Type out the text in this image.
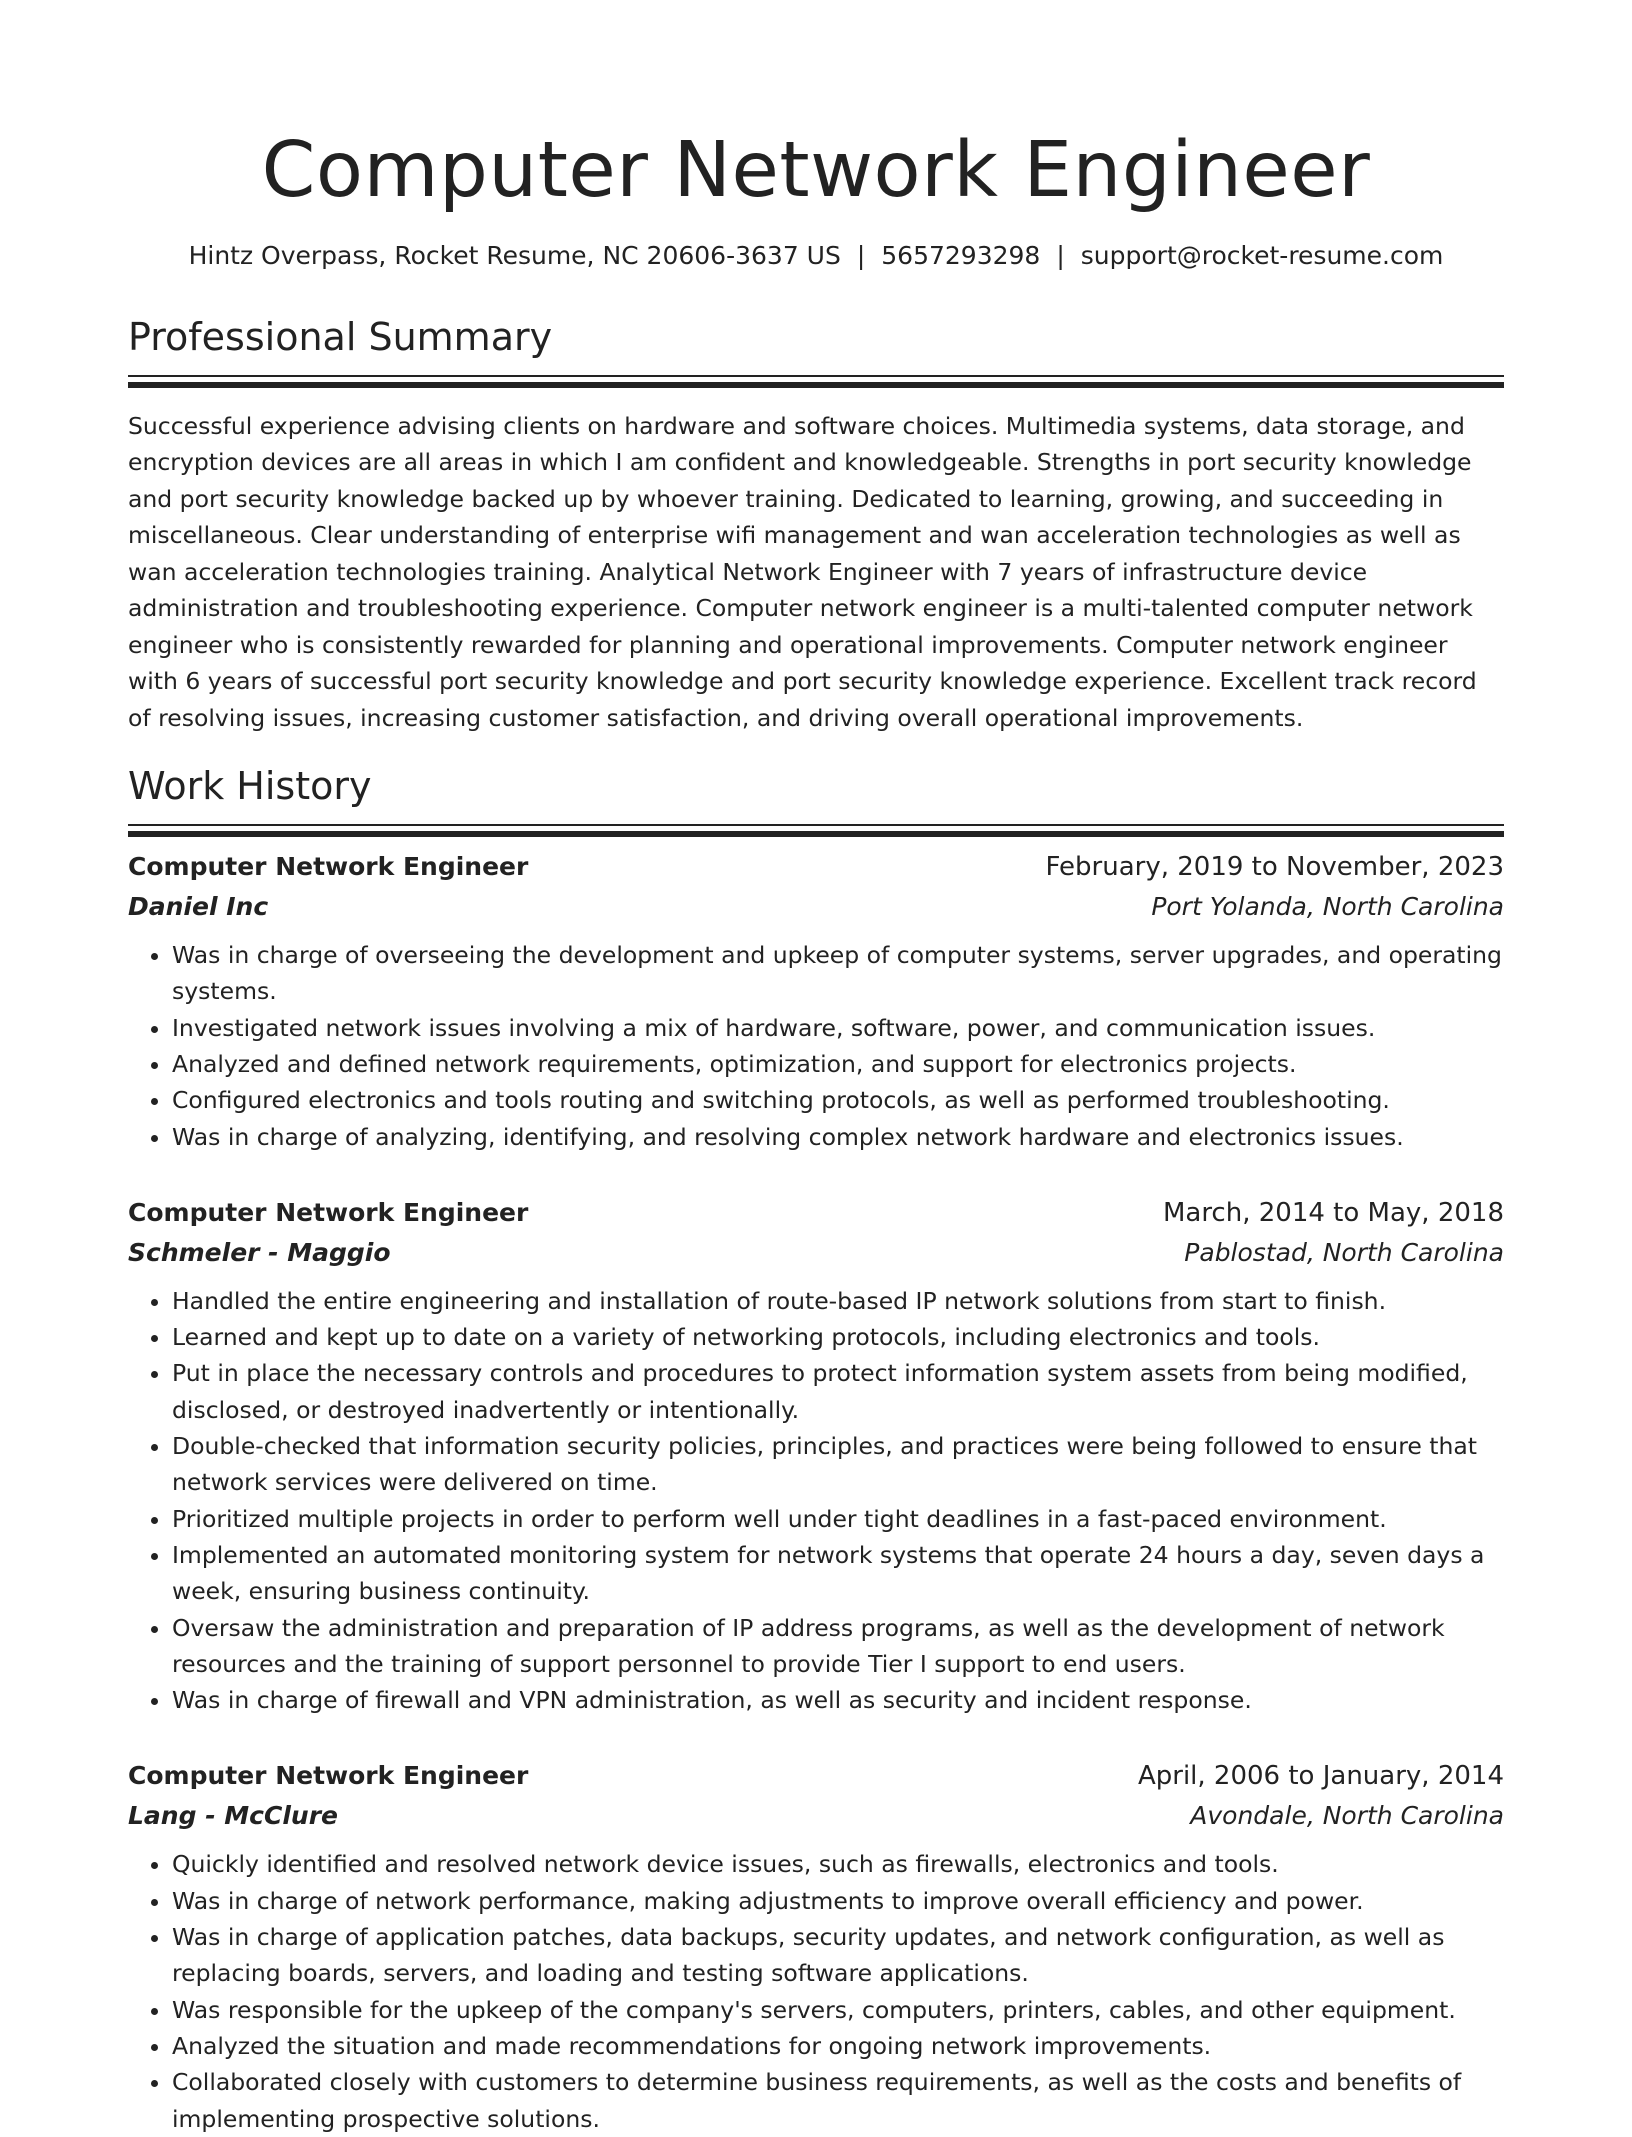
Computer Network Engineer
Hintz Overpass, Rocket Resume, NC 20606-3637 US | 5657293298 | support@rocket-resume.com
Professional Summary

Successful experience advising clients on hardware and software choices. Multimedia systems, data storage, and encryption devices are all areas in which I am confident and knowledgeable. Strengths in port security knowledge and port security knowledge backed up by whoever training. Dedicated to learning, growing, and succeeding in miscellaneous. Clear understanding of enterprise wifi management and wan acceleration technologies as well as wan acceleration technologies training. Analytical Network Engineer with 7 years of infrastructure device administration and troubleshooting experience. Computer network engineer is a multi-talented computer network engineer who is consistently rewarded for planning and operational improvements. Computer network engineer with 6 years of successful port security knowledge and port security knowledge experience. Excellent track record of resolving issues, increasing customer satisfaction, and driving overall operational improvements.

Work History
Computer Network Engineer	February, 2019 to November, 2023
Daniel Inc	Port Yolanda, North Carolina
• Was in charge of overseeing the development and upkeep of computer systems, server upgrades, and operating systems.
• Investigated network issues involving a mix of hardware, software, power, and communication issues.
• Analyzed and defined network requirements, optimization, and support for electronics projects.
• Configured electronics and tools routing and switching protocols, as well as performed troubleshooting.
• Was in charge of analyzing, identifying, and resolving complex network hardware and electronics issues.
Computer Network Engineer	March, 2014 to May, 2018
Schmeler - Maggio	Pablostad, North Carolina
• Handled the entire engineering and installation of route-based IP network solutions from start to finish.
• Learned and kept up to date on a variety of networking protocols, including electronics and tools.
• Put in place the necessary controls and procedures to protect information system assets from being modified, disclosed, or destroyed inadvertently or intentionally.
• Double-checked that information security policies, principles, and practices were being followed to ensure that network services were delivered on time.
• Prioritized multiple projects in order to perform well under tight deadlines in a fast-paced environment.
• Implemented an automated monitoring system for network systems that operate 24 hours a day, seven days a week, ensuring business continuity.
• Oversaw the administration and preparation of IP address programs, as well as the development of network resources and the training of support personnel to provide Tier I support to end users.
• Was in charge of firewall and VPN administration, as well as security and incident response.
Computer Network Engineer	April, 2006 to January, 2014
Lang - McClure	Avondale, North Carolina
• Quickly identified and resolved network device issues, such as firewalls, electronics and tools.
• Was in charge of network performance, making adjustments to improve overall efficiency and power.
• Was in charge of application patches, data backups, security updates, and network configuration, as well as replacing boards, servers, and loading and testing software applications.
• Was responsible for the upkeep of the company's servers, computers, printers, cables, and other equipment.
• Analyzed the situation and made recommendations for ongoing network improvements.
• Collaborated closely with customers to determine business requirements, as well as the costs and benefits of implementing prospective solutions.
